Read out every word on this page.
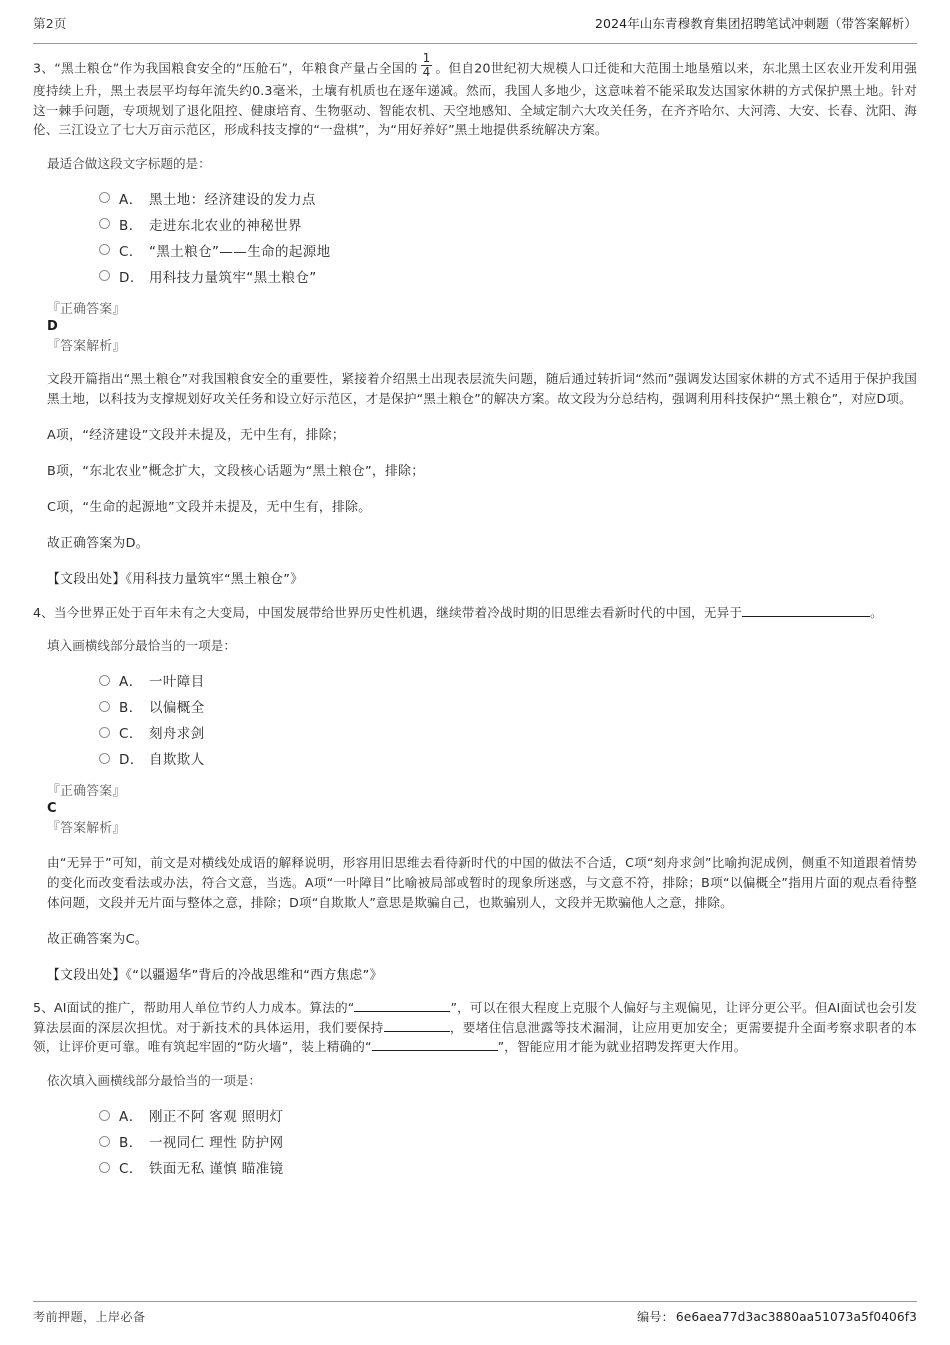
第2页	2024年山东青穆教育集团招聘笔试冲刺题（带答案解析）

3、“黑土粮仓”作为我国粮食安全的“压舱石”，年粮食产量占全国的 $\frac{1}{4}$ 。但自20世纪初大规模人口迁徙和大范围土地垦殖以来，东北黑土区农业开发利用强度持续上升，黑土表层平均每年流失约0.3毫米，土壤有机质也在逐年递减。然而，我国人多地少，这意味着不能采取发达国家休耕的方式保护黑土地。针对这一棘手问题，专项规划了退化阻控、健康培育、生物驱动、智能农机、天空地感知、全域定制六大攻关任务，在齐齐哈尔、大河湾、大安、长春、沈阳、海伦、三江设立了七大万亩示范区，形成科技支撑的“一盘棋”，为“用好养好”黑土地提供系统解决方案。

最适合做这段文字标题的是：

A． 黑土地：经济建设的发力点
B． 走进东北农业的神秘世界
C． “黑土粮仓”——生命的起源地
D． 用科技力量筑牢“黑土粮仓”

『正确答案』

D

『答案解析』

文段开篇指出“黑土粮仓”对我国粮食安全的重要性，紧接着介绍黑土出现表层流失问题，随后通过转折词“然而”强调发达国家休耕的方式不适用于保护我国黑土地，以科技为支撑规划好攻关任务和设立好示范区，才是保护“黑土粮仓”的解决方案。故文段为分总结构，强调利用科技保护“黑土粮仓”，对应D项。

A项，“经济建设”文段并未提及，无中生有，排除；

B项，“东北农业”概念扩大，文段核心话题为“黑土粮仓”，排除；

C项，“生命的起源地”文段并未提及，无中生有，排除。

故正确答案为D。

【文段出处】《用科技力量筑牢“黑土粮仓”》

4、当今世界正处于百年未有之大变局，中国发展带给世界历史性机遇，继续带着冷战时期的旧思维去看新时代的中国，无异于	。

填入画横线部分最恰当的一项是：

A． 一叶障目
B． 以偏概全
C． 刻舟求剑
D． 自欺欺人

『正确答案』

C

『答案解析』

由“无异于”可知，前文是对横线处成语的解释说明，形容用旧思维去看待新时代的中国的做法不合适，C项“刻舟求剑”比喻拘泥成例，侧重不知道跟着情势的变化而改变看法或办法，符合文意，当选。A项“一叶障目”比喻被局部或暂时的现象所迷惑，与文意不符，排除；B项“以偏概全”指用片面的观点看待整体问题，文段并无片面与整体之意，排除；D项“自欺欺人”意思是欺骗自己，也欺骗别人，文段并无欺骗他人之意，排除。

故正确答案为C。

【文段出处】《“以疆遏华”背后的冷战思维和“西方焦虑”》

5、AI面试的推广，帮助用人单位节约人力成本。算法的“	”，可以在很大程度上克服个人偏好与主观偏见，让评分更公平。但AI面试也会引发算法层面的深层次担忧。对于新技术的具体运用，我们要保持	，要堵住信息泄露等技术漏洞，让应用更加安全；更需要提升全面考察求职者的本领，让评价更可靠。唯有筑起牢固的“防火墙”，装上精确的“	”，智能应用才能为就业招聘发挥更大作用。

依次填入画横线部分最恰当的一项是：

A． 刚正不阿 客观 照明灯
B． 一视同仁 理性 防护网
C． 铁面无私 谨慎 瞄准镜
考前押题，上岸必备	编号： 6e6aea77d3ac3880aa51073a5f0406f3
